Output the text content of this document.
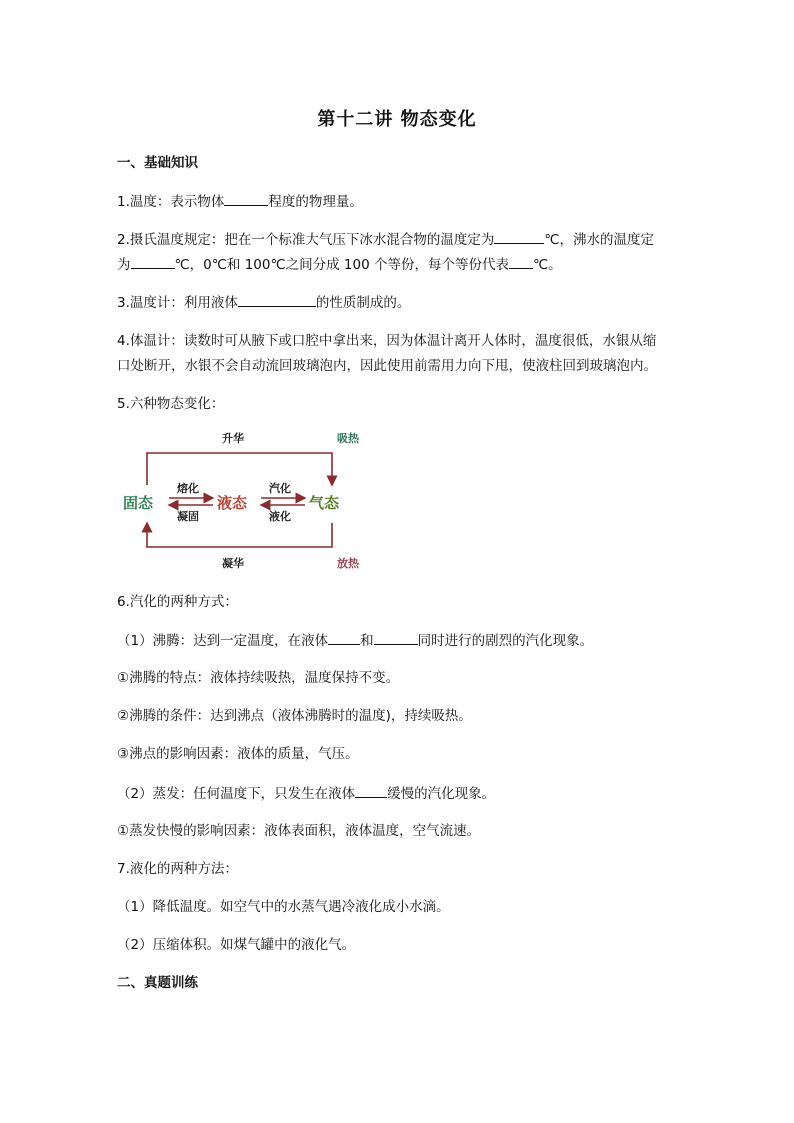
第十二讲 物态变化
一、基础知识
1.温度：表示物体	程度的物理量。
2.摄氏温度规定：把在一个标准大气压下冰水混合物的温度定为	℃，沸水的温度定
为	℃，0℃和 100℃之间分成 100 个等份，每个等份代表 ℃。
3.温度计：利用液体	的性质制成的。
4.体温计：读数时可从腋下或口腔中拿出来，因为体温计离开人体时，温度很低，水银从缩
口处断开，水银不会自动流回玻璃泡内，因此使用前需用力向下甩，使液柱回到玻璃泡内。
5.六种物态变化：
固态	液态	气态
熔化
凝固
汽化
液化
升华
凝华
吸热
放热
6.汽化的两种方式：
（1）沸腾：达到一定温度，在液体 和	同时进行的剧烈的汽化现象。
①沸腾的特点：液体持续吸热，温度保持不变。
②沸腾的条件：达到沸点（液体沸腾时的温度)，持续吸热。
③沸点的影响因素：液体的质量，气压。
（2）蒸发：任何温度下，只发生在液体 缓慢的汽化现象。
①蒸发快慢的影响因素：液体表面积，液体温度，空气流速。
7.液化的两种方法：
（1）降低温度。如空气中的水蒸气遇冷液化成小水滴。
（2）压缩体积。如煤气罐中的液化气。
二、真题训练
